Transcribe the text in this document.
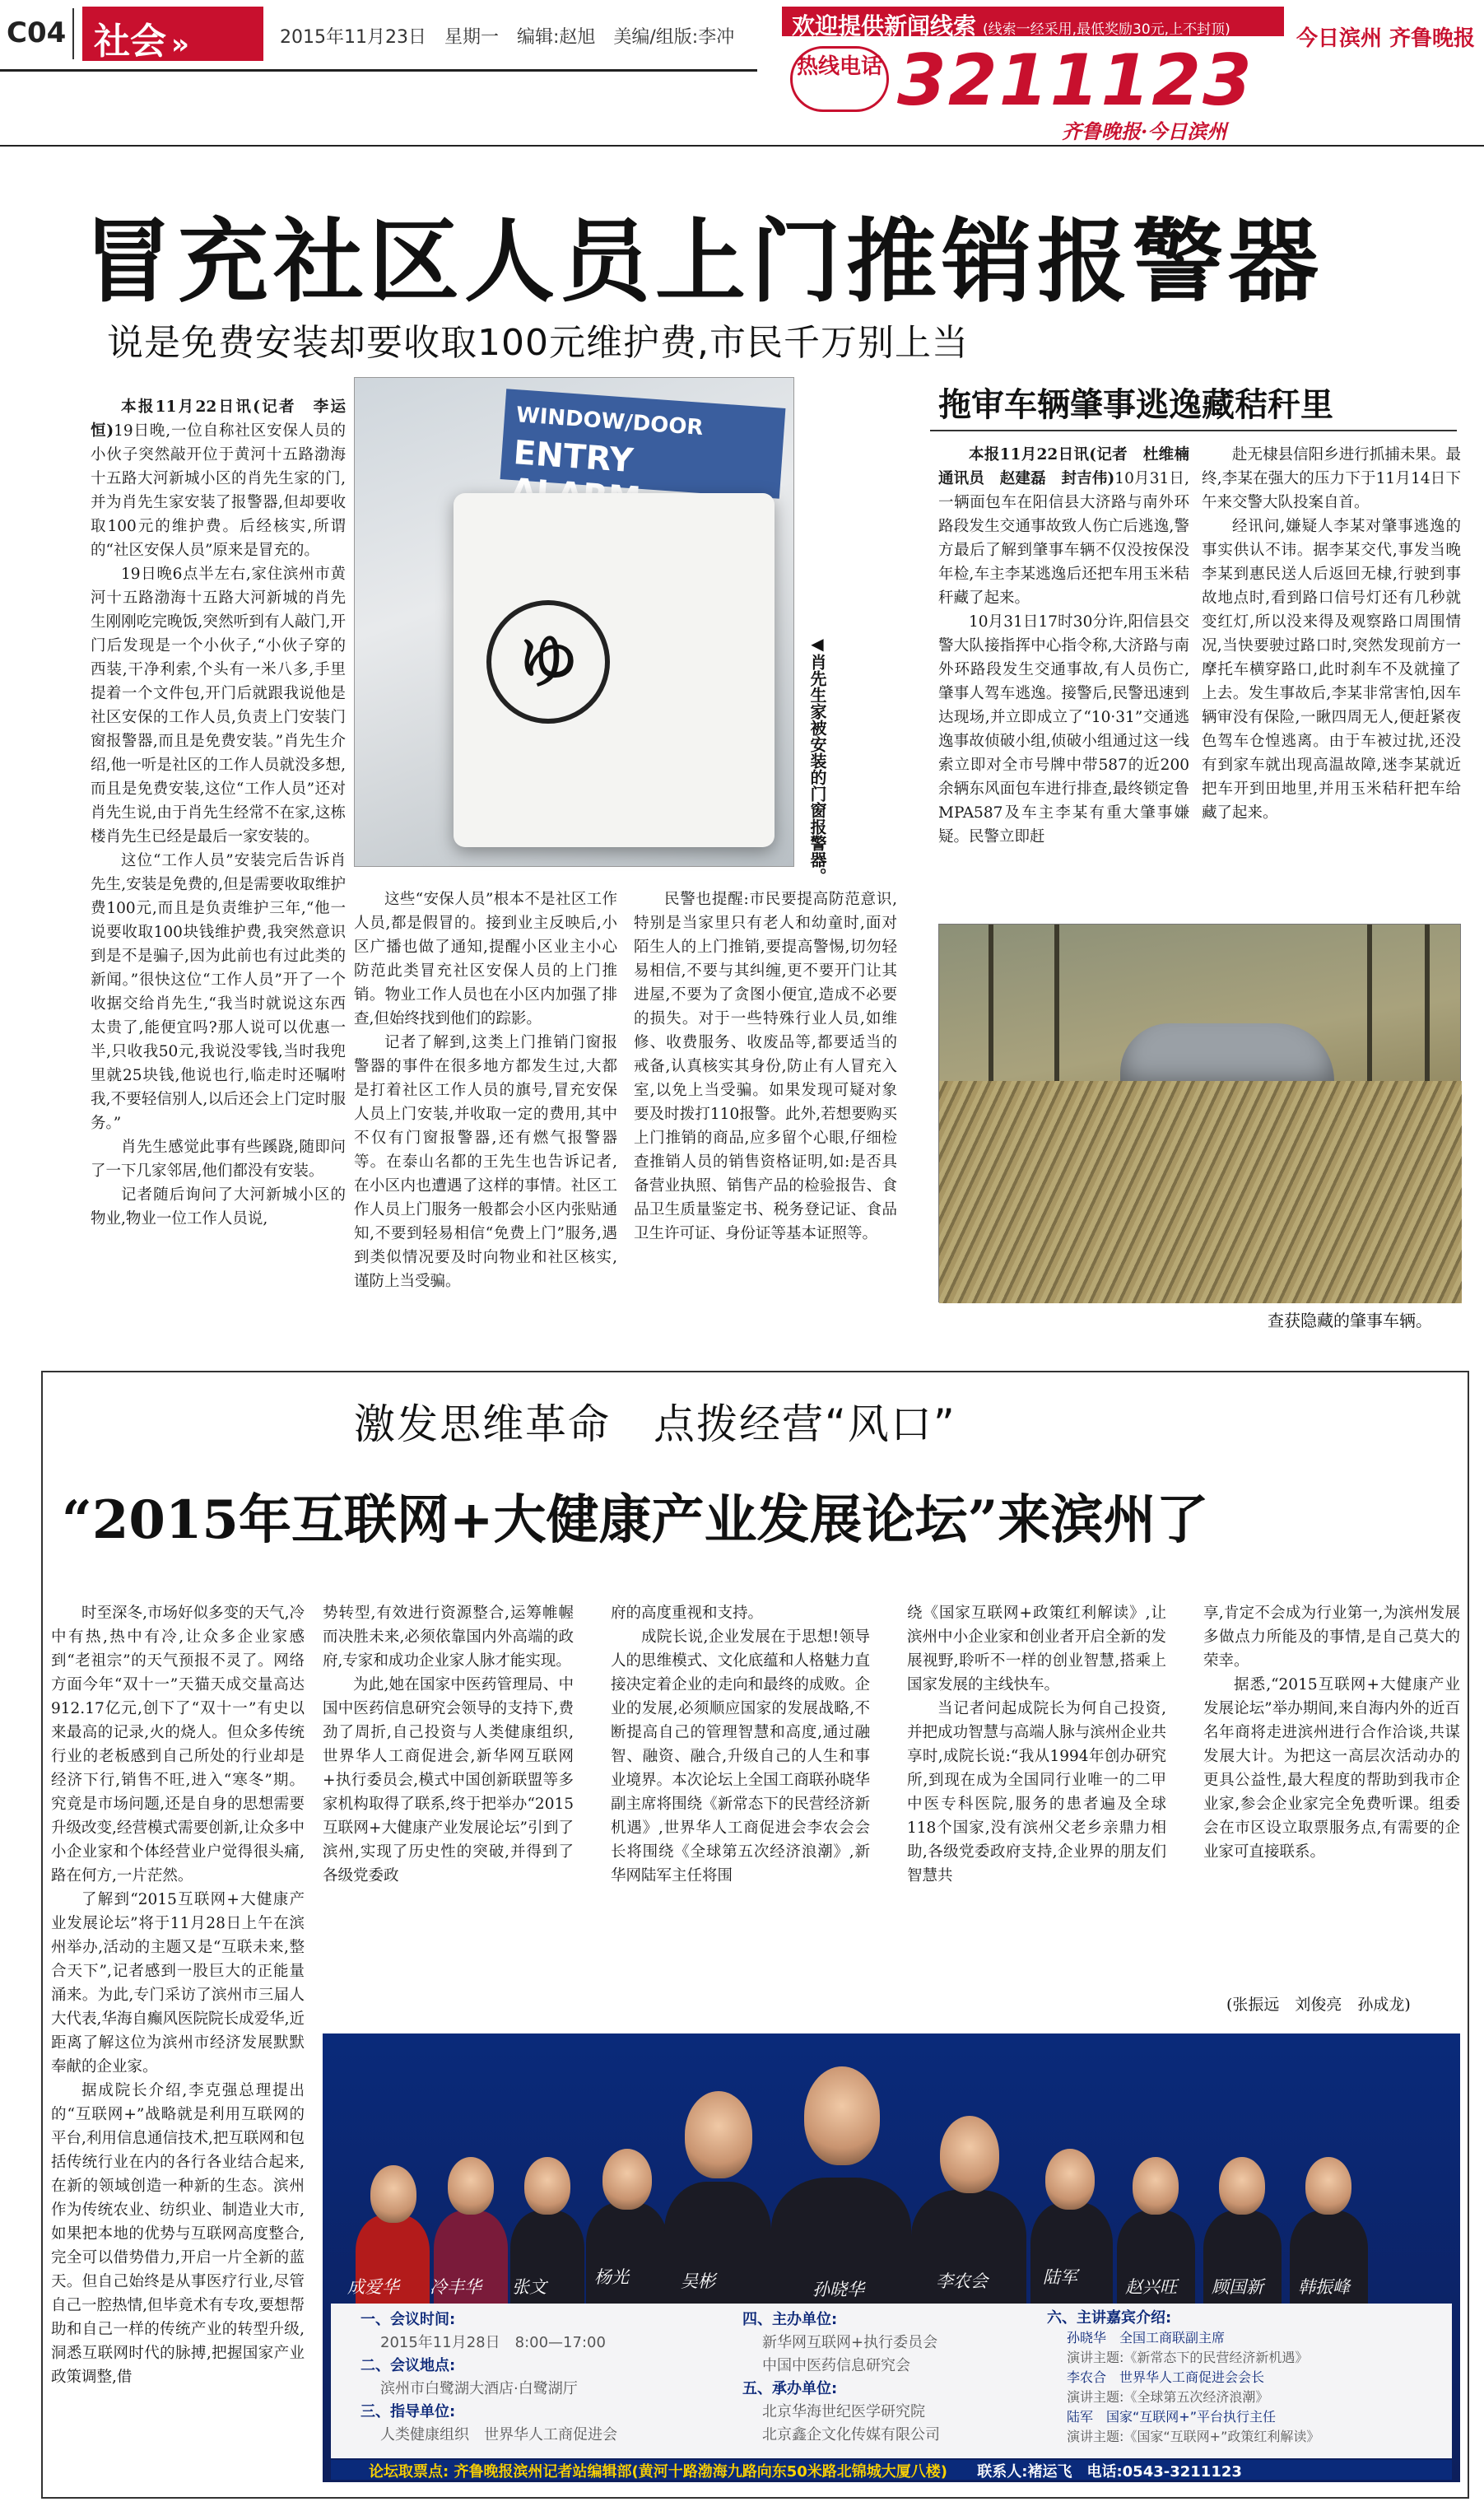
C04 社会 »	2015年11月23日　星期一　编辑:赵旭　美编/组版:李冲	欢迎提供新闻线索 (线索一经采用,最低奖励30元,上不封顶)
热线电话 3211123
今日滨州 齐鲁晚报
齐鲁晚报·今日滨州
冒充社区人员上门推销报警器
说是免费安装却要收取100元维护费,市民千万别上当

本报11月22日讯(记者　李运恒)19日晚,一位自称社区安保人员的小伙子突然敲开位于黄河十五路渤海十五路大河新城小区的肖先生家的门,并为肖先生家安装了报警器,但却要收取100元的维护费。后经核实,所谓的“社区安保人员”原来是冒充的。

19日晚6点半左右,家住滨州市黄河十五路渤海十五路大河新城的肖先生刚刚吃完晚饭,突然听到有人敲门,开门后发现是一个小伙子,“小伙子穿的西装,干净利索,个头有一米八多,手里提着一个文件包,开门后就跟我说他是社区安保的工作人员,负责上门安装门窗报警器,而且是免费安装。”肖先生介绍,他一听是社区的工作人员就没多想,而且是免费安装,这位“工作人员”还对肖先生说,由于肖先生经常不在家,这栋楼肖先生已经是最后一家安装的。

这位“工作人员”安装完后告诉肖先生,安装是免费的,但是需要收取维护费100元,而且是负责维护三年,“他一说要收取100块钱维护费,我突然意识到是不是骗子,因为此前也有过此类的新闻。”很快这位“工作人员”开了一个收据交给肖先生,“我当时就说这东西太贵了,能便宜吗?那人说可以优惠一半,只收我50元,我说没零钱,当时我兜里就25块钱,他说也行,临走时还嘱咐我,不要轻信别人,以后还会上门定时服务。”

肖先生感觉此事有些蹊跷,随即问了一下几家邻居,他们都没有安装。

记者随后询问了大河新城小区的物业,物业一位工作人员说,

WINDOW/DOOR
ENTRY
ゆ	◀肖先生家被安装的门窗报警器。

这些“安保人员”根本不是社区工作人员,都是假冒的。接到业主反映后,小区广播也做了通知,提醒小区业主小心防范此类冒充社区安保人员的上门推销。物业工作人员也在小区内加强了排查,但始终找到他们的踪影。

记者了解到,这类上门推销门窗报警器的事件在很多地方都发生过,大都是打着社区工作人员的旗号,冒充安保人员上门安装,并收取一定的费用,其中不仅有门窗报警器,还有燃气报警器等。在泰山名都的王先生也告诉记者,在小区内也遭遇了这样的事情。社区工作人员上门服务一般都会小区内张贴通知,不要到轻易相信“免费上门”服务,遇到类似情况要及时向物业和社区核实,谨防上当受骗。

民警也提醒:市民要提高防范意识,特别是当家里只有老人和幼童时,面对陌生人的上门推销,要提高警惕,切勿轻易相信,不要与其纠缠,更不要开门让其进屋,不要为了贪图小便宜,造成不必要的损失。对于一些特殊行业人员,如维修、收费服务、收废品等,都要适当的戒备,认真核实其身份,防止有人冒充入室,以免上当受骗。如果发现可疑对象要及时拨打110报警。此外,若想要购买上门推销的商品,应多留个心眼,仔细检查推销人员的销售资格证明,如:是否具备营业执照、销售产品的检验报告、食品卫生质量鉴定书、税务登记证、食品卫生许可证、身份证等基本证照等。

拖审车辆肇事逃逸藏秸秆里

本报11月22日讯(记者　杜维楠　通讯员　赵建磊　封吉伟)10月31日,一辆面包车在阳信县大济路与南外环路段发生交通事故致人伤亡后逃逸,警方最后了解到肇事车辆不仅没按保没年检,车主李某逃逸后还把车用玉米秸秆藏了起来。

10月31日17时30分许,阳信县交警大队接指挥中心指令称,大济路与南外环路段发生交通事故,有人员伤亡,肇事人驾车逃逸。接警后,民警迅速到达现场,并立即成立了“10·31”交通逃逸事故侦破小组,侦破小组通过这一线索立即对全市号牌中带587的近200余辆东风面包车进行排查,最终锁定鲁MPA587及车主李某有重大肇事嫌疑。民警立即赶

赴无棣县信阳乡进行抓捕未果。最终,李某在强大的压力下于11月14日下午来交警大队投案自首。

经讯问,嫌疑人李某对肇事逃逸的事实供认不讳。据李某交代,事发当晚李某到惠民送人后返回无棣,行驶到事故地点时,看到路口信号灯还有几秒就变红灯,所以没来得及观察路口周围情况,当快要驶过路口时,突然发现前方一摩托车横穿路口,此时刹车不及就撞了上去。发生事故后,李某非常害怕,因车辆审没有保险,一瞅四周无人,便赶紧夜色驾车仓惶逃离。由于车被过扰,还没有到家车就出现高温故障,迷李某就近把车开到田地里,并用玉米秸秆把车给藏了起来。

查获隐藏的肇事车辆。
激发思维革命　点拨经营“风口”
“2015年互联网+大健康产业发展论坛”来滨州了

时至深冬,市场好似多变的天气,冷中有热,热中有冷,让众多企业家感到“老祖宗”的天气预报不灵了。网络方面今年“双十一”天猫天成交量高达912.17亿元,创下了“双十一”有史以来最高的记录,火的烧人。但众多传统行业的老板感到自己所处的行业却是经济下行,销售不旺,进入“寒冬”期。究竟是市场问题,还是自身的思想需要升级改变,经营模式需要创新,让众多中小企业家和个体经营业户觉得很头痛,路在何方,一片茫然。

了解到“2015互联网+大健康产业发展论坛”将于11月28日上午在滨州举办,活动的主题又是“互联未来,整合天下”,记者感到一股巨大的正能量涌来。为此,专门采访了滨州市三届人大代表,华海自癫风医院院长成爱华,近距离了解这位为滨州市经济发展默默奉献的企业家。

据成院长介绍,李克强总理提出的“互联网+”战略就是利用互联网的平台,利用信息通信技术,把互联网和包括传统行业在内的各行各业结合起来,在新的领域创造一种新的生态。滨州作为传统农业、纺织业、制造业大市,如果把本地的优势与互联网高度整合,完全可以借势借力,开启一片全新的蓝天。但自己始终是从事医疗行业,尽管自己一腔热情,但毕竟术有专攻,要想帮助和自己一样的传统产业的转型升级,洞悉互联网时代的脉搏,把握国家产业政策调整,借

势转型,有效进行资源整合,运筹帷幄而决胜未来,必须依靠国内外高端的政府,专家和成功企业家人脉才能实现。

为此,她在国家中医药管理局、中国中医药信息研究会领导的支持下,费劲了周折,自己投资与人类健康组织,世界华人工商促进会,新华网互联网+执行委员会,模式中国创新联盟等多家机构取得了联系,终于把举办“2015互联网+大健康产业发展论坛”引到了滨州,实现了历史性的突破,并得到了各级党委政

府的高度重视和支持。

成院长说,企业发展在于思想!领导人的思维模式、文化底蕴和人格魅力直接决定着企业的走向和最终的成败。企业的发展,必须顺应国家的发展战略,不断提高自己的管理智慧和高度,通过融智、融资、融合,升级自己的人生和事业境界。本次论坛上全国工商联孙晓华副主席将围绕《新常态下的民营经济新机遇》,世界华人工商促进会李农会会长将围绕《全球第五次经济浪潮》,新华网陆军主任将围

绕《国家互联网+政策红利解读》,让滨州中小企业家和创业者开启全新的发展视野,聆听不一样的创业智慧,搭乘上国家发展的主线快车。

当记者问起成院长为何自己投资,并把成功智慧与高端人脉与滨州企业共享时,成院长说:“我从1994年创办研究所,到现在成为全国同行业唯一的二甲中医专科医院,服务的患者遍及全球118个国家,没有滨州父老乡亲鼎力相助,各级党委政府支持,企业界的朋友们智慧共

享,肯定不会成为行业第一,为滨州发展多做点力所能及的事情,是自己莫大的荣幸。

据悉,“2015互联网+大健康产业发展论坛”举办期间,来自海内外的近百名年商将走进滨州进行合作洽谈,共谋发展大计。为把这一高层次活动办的更具公益性,最大程度的帮助到我市企业家,参会企业家完全免费听课。组委会在市区设立取票服务点,有需要的企业家可直接联系。

(张振远　刘俊亮　孙成龙)
成爱华 冷丰华 张文	杨光	吴彬	孙晓华	李农会	陆军	赵兴旺 顾国新 韩振峰
一、会议时间:
2015年11月28日　8:00—17:00
二、会议地点:
滨州市白鹭湖大酒店·白鹭湖厅
三、指导单位:
人类健康组织　世界华人工商促进会
四、主办单位:
新华网互联网+执行委员会
中国中医药信息研究会
五、承办单位:
北京华海世纪医学研究院
北京鑫企文化传媒有限公司
六、主讲嘉宾介绍:
孙晓华　全国工商联副主席
演讲主题:《新常态下的民营经济新机遇》
李农合　世界华人工商促进会会长
演讲主题:《全球第五次经济浪潮》
陆军　国家“互联网+”平台执行主任
演讲主题:《国家“互联网+”政策红利解读》
论坛取票点: 齐鲁晚报滨州记者站编辑部(黄河十路渤海九路向东50米路北锦城大厦八楼) 联系人:褚运飞　电话:0543-3211123
